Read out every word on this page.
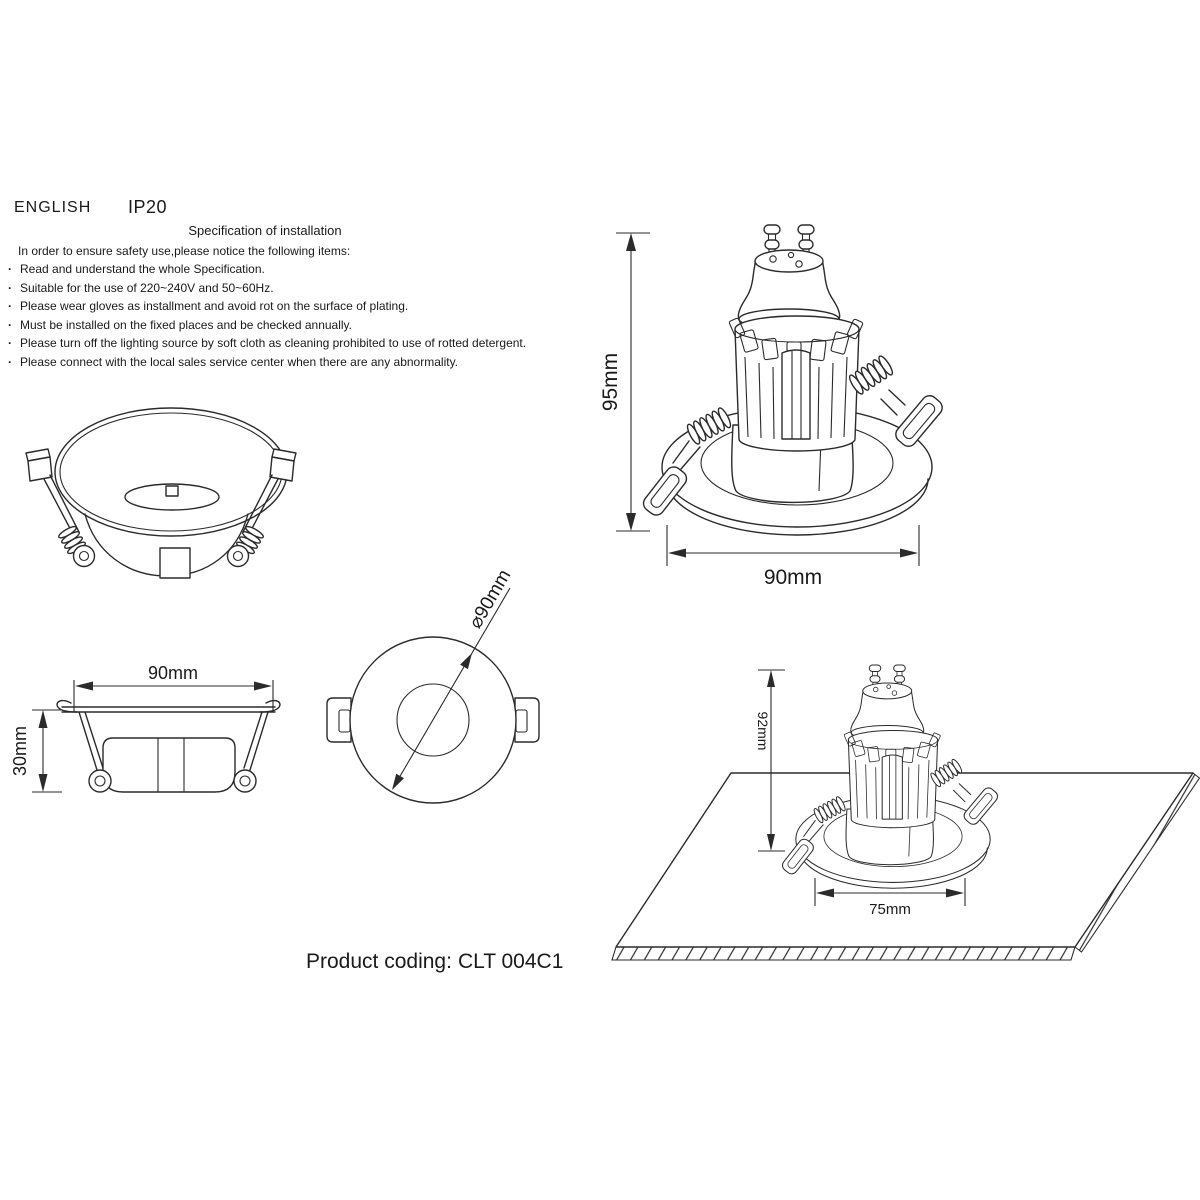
95mm
90mm
90mm
30mm
⌀90mm
92mm
75mm
ENGLISH IP20
Specification of installation
In order to ensure safety use,please notice the following items:
· Read and understand the whole Specification.
· Suitable for the use of 220~240V and 50~60Hz.
· Please wear gloves as installment and avoid rot on the surface of plating.
· Must be installed on the fixed places and be checked annually.
· Please turn off the lighting source by soft cloth as cleaning prohibited to use of rotted detergent.
· Please connect with the local sales service center when there are any abnormality.
Product coding: CLT 004C1
